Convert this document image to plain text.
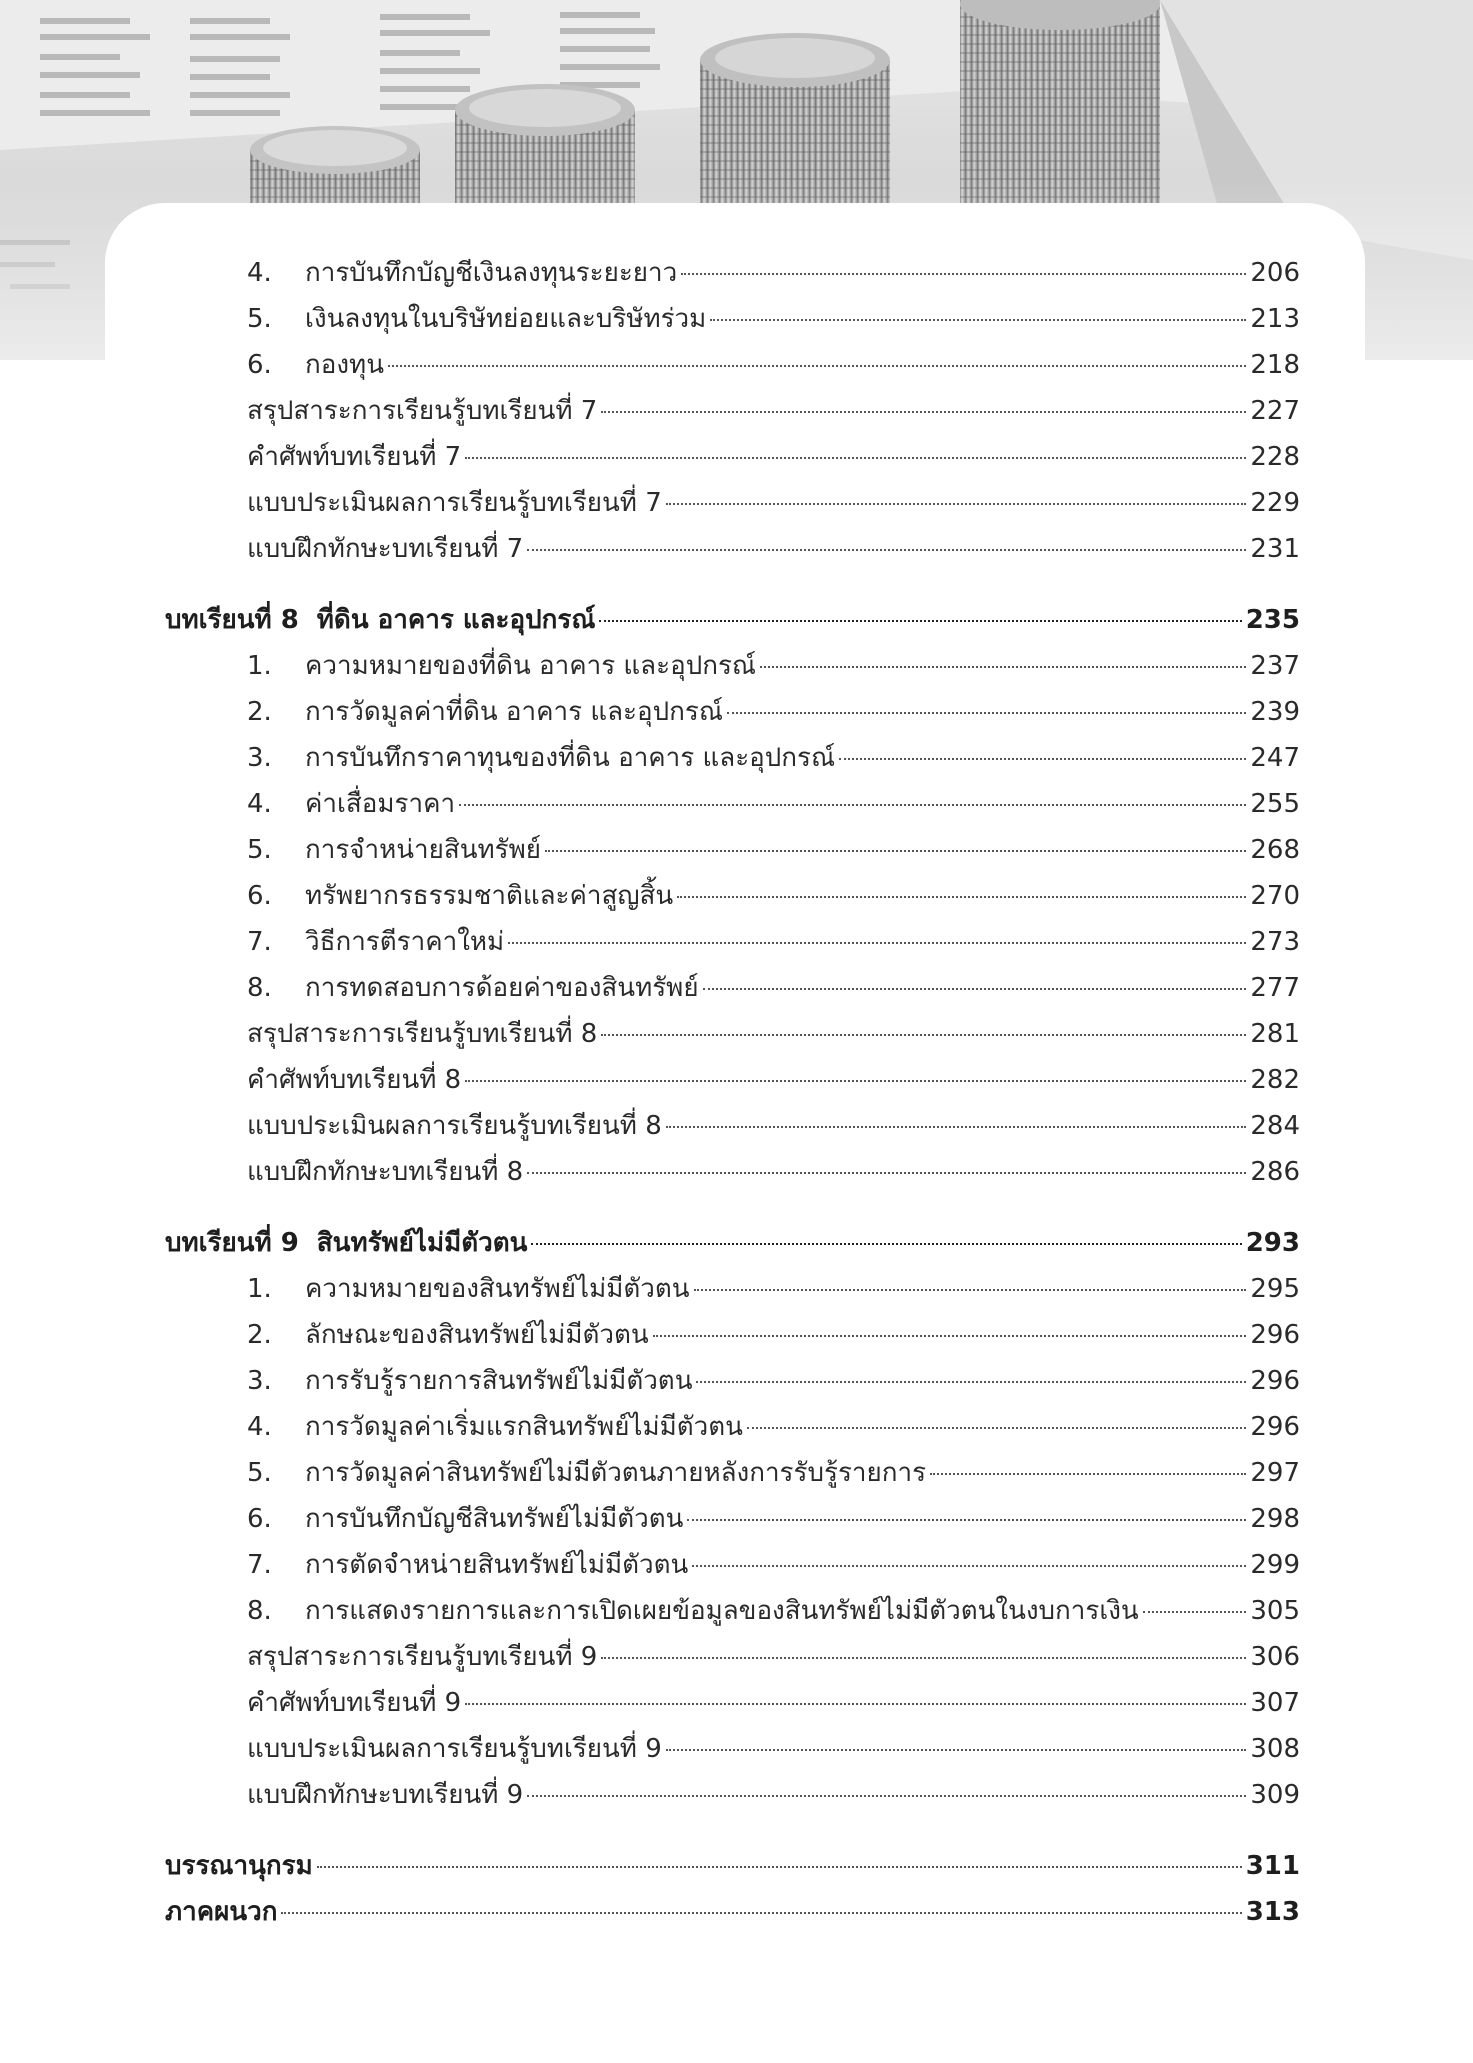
4.	การบันทึกบัญชีเงินลงทุนระยะยาว	206
5.	เงินลงทุนในบริษัทย่อยและบริษัทร่วม	213
6.	กองทุน	218
สรุปสาระการเรียนรู้บทเรียนที่ 7	227
คำศัพท์บทเรียนที่ 7	228
แบบประเมินผลการเรียนรู้บทเรียนที่ 7	229
แบบฝึกทักษะบทเรียนที่ 7	231
บทเรียนที่ 8 ที่ดิน อาคาร และอุปกรณ์	235
1.	ความหมายของที่ดิน อาคาร และอุปกรณ์	237
2.	การวัดมูลค่าที่ดิน อาคาร และอุปกรณ์	239
3.	การบันทึกราคาทุนของที่ดิน อาคาร และอุปกรณ์	247
4.	ค่าเสื่อมราคา	255
5.	การจำหน่ายสินทรัพย์	268
6.	ทรัพยากรธรรมชาติและค่าสูญสิ้น	270
7.	วิธีการตีราคาใหม่	273
8.	การทดสอบการด้อยค่าของสินทรัพย์	277
สรุปสาระการเรียนรู้บทเรียนที่ 8	281
คำศัพท์บทเรียนที่ 8	282
แบบประเมินผลการเรียนรู้บทเรียนที่ 8	284
แบบฝึกทักษะบทเรียนที่ 8	286
บทเรียนที่ 9 สินทรัพย์ไม่มีตัวตน	293
1.	ความหมายของสินทรัพย์ไม่มีตัวตน	295
2.	ลักษณะของสินทรัพย์ไม่มีตัวตน	296
3.	การรับรู้รายการสินทรัพย์ไม่มีตัวตน	296
4.	การวัดมูลค่าเริ่มแรกสินทรัพย์ไม่มีตัวตน	296
5.	การวัดมูลค่าสินทรัพย์ไม่มีตัวตนภายหลังการรับรู้รายการ	297
6.	การบันทึกบัญชีสินทรัพย์ไม่มีตัวตน	298
7.	การตัดจำหน่ายสินทรัพย์ไม่มีตัวตน	299
8.	การแสดงรายการและการเปิดเผยข้อมูลของสินทรัพย์ไม่มีตัวตนในงบการเงิน	305
สรุปสาระการเรียนรู้บทเรียนที่ 9	306
คำศัพท์บทเรียนที่ 9	307
แบบประเมินผลการเรียนรู้บทเรียนที่ 9	308
แบบฝึกทักษะบทเรียนที่ 9	309
บรรณานุกรม	311
ภาคผนวก	313
